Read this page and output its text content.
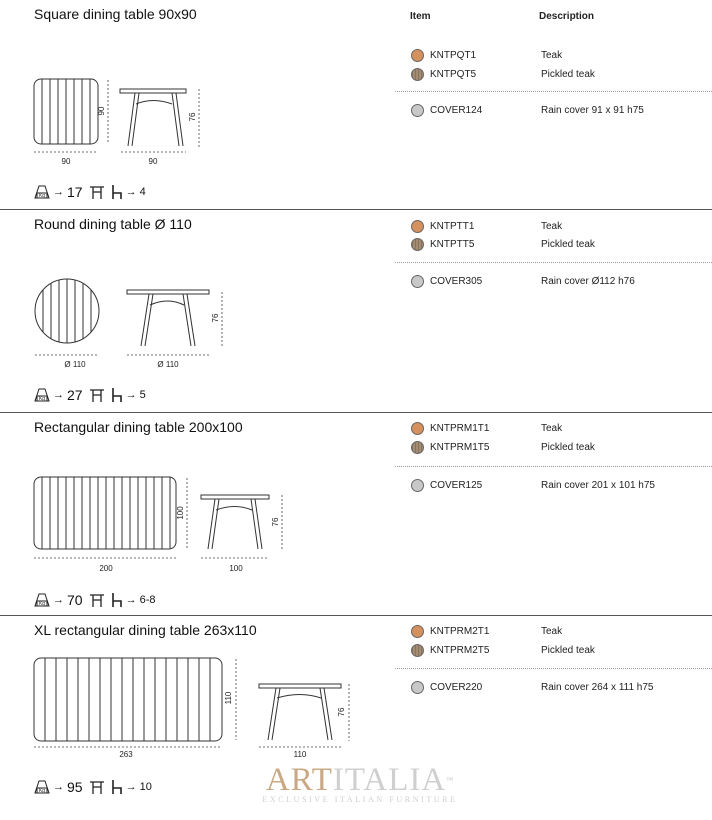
Item	Description
Square dining table 90x90
90	90
90
76
Kg → 17	→ 4
KNTPQT1	Teak
KNTPQT5	Pickled teak
COVER124	Rain cover 91 x 91 h75
Round dining table Ø 110
Ø 110	Ø 110
76
Kg → 27	→ 5
KNTPTT1	Teak
KNTPTT5	Pickled teak
COVER305	Rain cover Ø112 h76
Rectangular dining table 200x100
200	100
100
76
Kg → 70	→ 6-8
KNTPRM1T1	Teak
KNTPRM1T5	Pickled teak
COVER125	Rain cover 201 x 101 h75
XL rectangular dining table 263x110
263	110
110
76
Kg → 95	→ 10
KNTPRM2T1	Teak
KNTPRM2T5	Pickled teak
COVER220	Rain cover 264 x 111 h75
ARTITALIA™
EXCLUSIVE ITALIAN FURNITURE
